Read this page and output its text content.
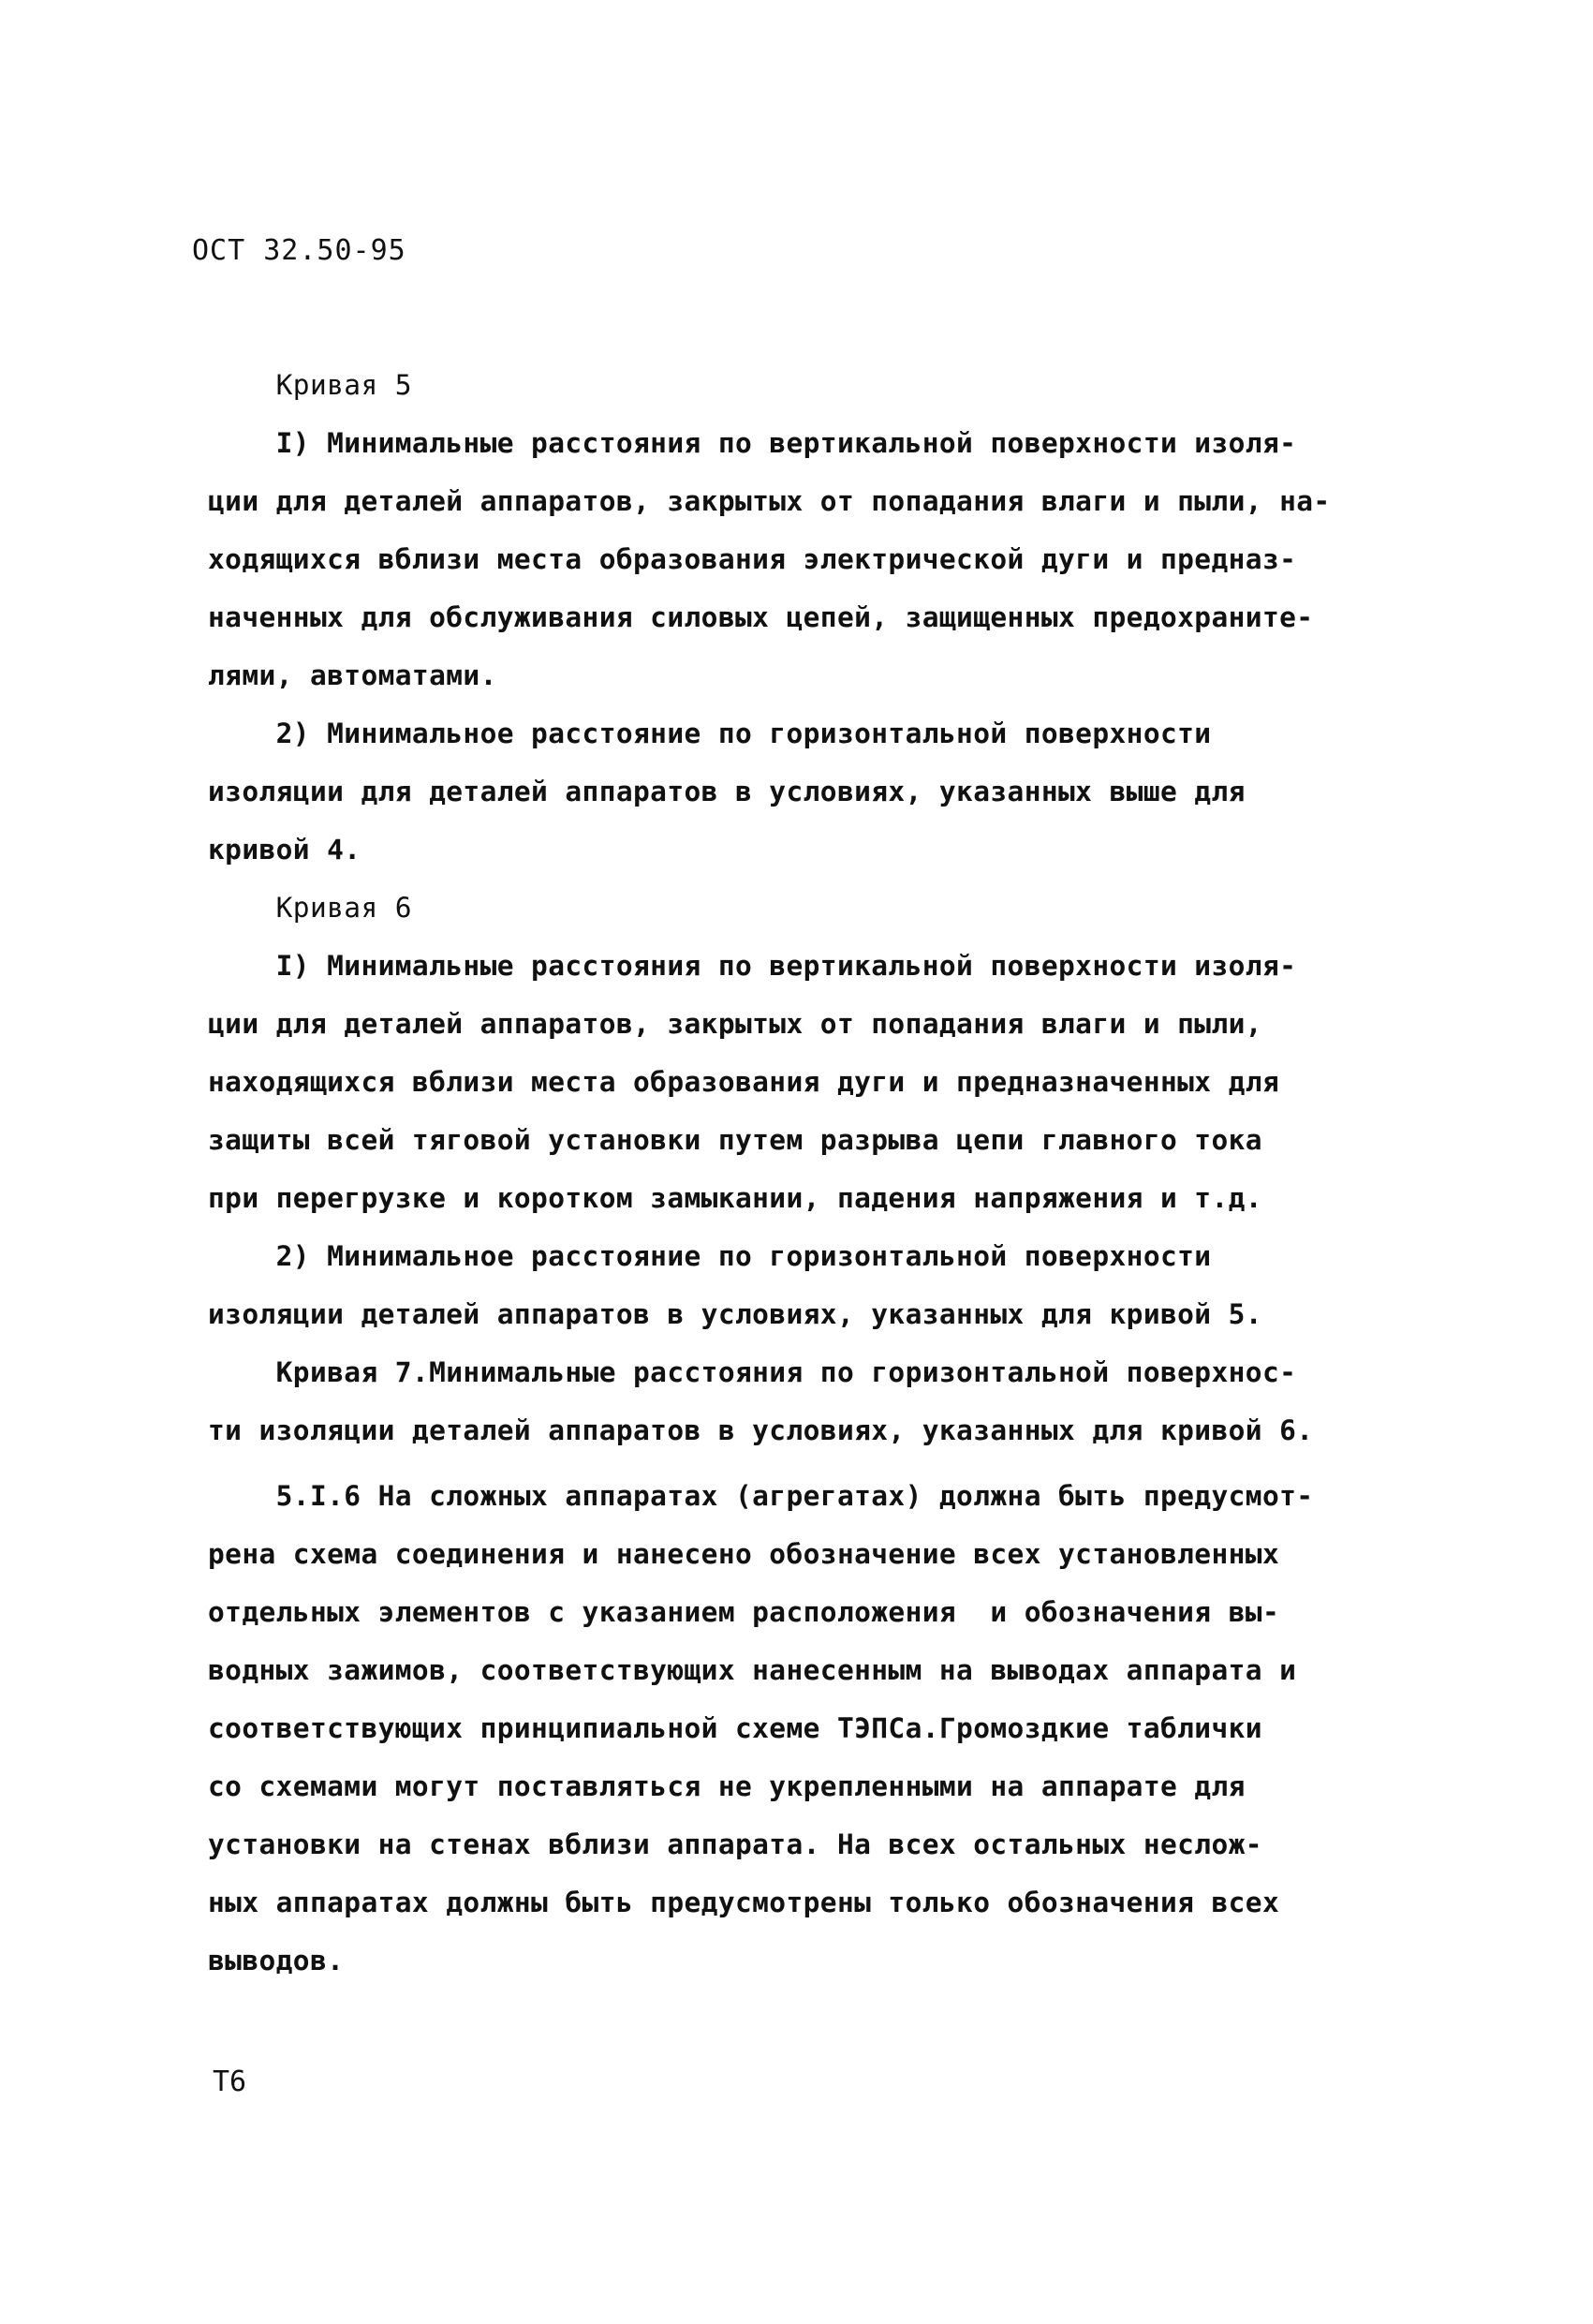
ОСТ 32.50-95
Кривая 5
I) Минимальные расстояния по вертикальной поверхности изоля-
ции для деталей аппаратов, закрытых от попадания влаги и пыли, на-
ходящихся вблизи места образования электрической дуги и предназ-
наченных для обслуживания силовых цепей, защищенных предохраните-
лями, автоматами.
2) Минимальное расстояние по горизонтальной поверхности
изоляции для деталей аппаратов в условиях, указанных выше для
кривой 4.
Кривая 6
I) Минимальные расстояния по вертикальной поверхности изоля-
ции для деталей аппаратов, закрытых от попадания влаги и пыли,
находящихся вблизи места образования дуги и предназначенных для
защиты всей тяговой установки путем разрыва цепи главного тока
при перегрузке и коротком замыкании, падения напряжения и т.д.
2) Минимальное расстояние по горизонтальной поверхности
изоляции деталей аппаратов в условиях, указанных для кривой 5.
Кривая 7.Минимальные расстояния по горизонтальной поверхнос-
ти изоляции деталей аппаратов в условиях, указанных для кривой 6.
5.I.6 На сложных аппаратах (агрегатах) должна быть предусмот-
рена схема соединения и нанесено обозначение всех установленных
отдельных элементов с указанием расположения  и обозначения вы-
водных зажимов, соответствующих нанесенным на выводах аппарата и
соответствующих принципиальной схеме ТЭПСа.Громоздкие таблички
со схемами могут поставляться не укрепленными на аппарате для
установки на стенах вблизи аппарата. На всех остальных неслож-
ных аппаратах должны быть предусмотрены только обозначения всех
выводов.
Т6
